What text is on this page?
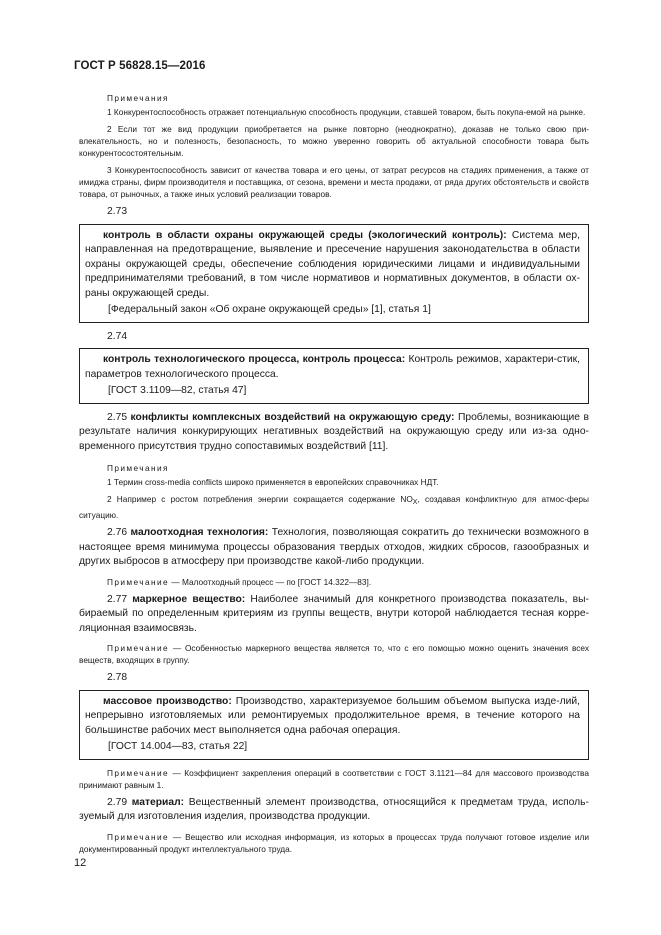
ГОСТ Р 56828.15—2016

Примечания

1 Конкурентоспособность отражает потенциальную способность продукции, ставшей товаром, быть покупа-емой на рынке.

2 Если тот же вид продукции приобретается на рынке повторно (неоднократно), доказав не только свою при-влекательность, но и полезность, безопасность, то можно уверенно говорить об актуальной способности товара быть конкурентосостоятельным.

3 Конкурентоспособность зависит от качества товара и его цены, от затрат ресурсов на стадиях применения, а также от имиджа страны, фирм производителя и поставщика, от сезона, времени и места продажи, от ряда других обстоятельств и свойств товара, от рыночных, а также иных условий реализации товаров.

2.73

контроль в области охраны окружающей среды (экологический контроль): Система мер, направленная на предотвращение, выявление и пресечение нарушения законодательства в области охраны окружающей среды, обеспечение соблюдения юридическими лицами и индивидуальными предпринимателями требований, в том числе нормативов и нормативных документов, в области ох-раны окружающей среды.

[Федеральный закон «Об охране окружающей среды» [1], статья 1]

2.74

контроль технологического процесса, контроль процесса: Контроль режимов, характери-стик, параметров технологического процесса.

[ГОСТ 3.1109—82, статья 47]

2.75 конфликты комплексных воздействий на окружающую среду: Проблемы, возникающие в результате наличия конкурирующих негативных воздействий на окружающую среду или из-за одно-временного присутствия трудно сопоставимых воздействий [11].

Примечания

1 Термин cross-media conflicts широко применяется в европейских справочниках НДТ.

2 Например с ростом потребления энергии сокращается содержание $NO_X$, создавая конфликтную для атмос-феры ситуацию.

2.76 малоотходная технология: Технология, позволяющая сократить до технически возможного в настоящее время минимума процессы образования твердых отходов, жидких сбросов, газообразных и других выбросов в атмосферу при производстве какой-либо продукции.

Примечание — Малоотходный процесс — по [ГОСТ 14.322—83].

2.77 маркерное вещество: Наиболее значимый для конкретного производства показатель, вы-бираемый по определенным критериям из группы веществ, внутри которой наблюдается тесная корре-ляционная взаимосвязь.

Примечание — Особенностью маркерного вещества является то, что с его помощью можно оценить значения всех веществ, входящих в группу.

2.78

массовое производство: Производство, характеризуемое большим объемом выпуска изде-лий, непрерывно изготовляемых или ремонтируемых продолжительное время, в течение которого на большинстве рабочих мест выполняется одна рабочая операция.

[ГОСТ 14.004—83, статья 22]

Примечание — Коэффициент закрепления операций в соответствии с ГОСТ 3.1121—84 для массового производства принимают равным 1.

2.79 материал: Вещественный элемент производства, относящийся к предметам труда, исполь-зуемый для изготовления изделия, производства продукции.

Примечание — Вещество или исходная информация, из которых в процессах труда получают готовое изделие или документированный продукт интеллектуального труда.

12
